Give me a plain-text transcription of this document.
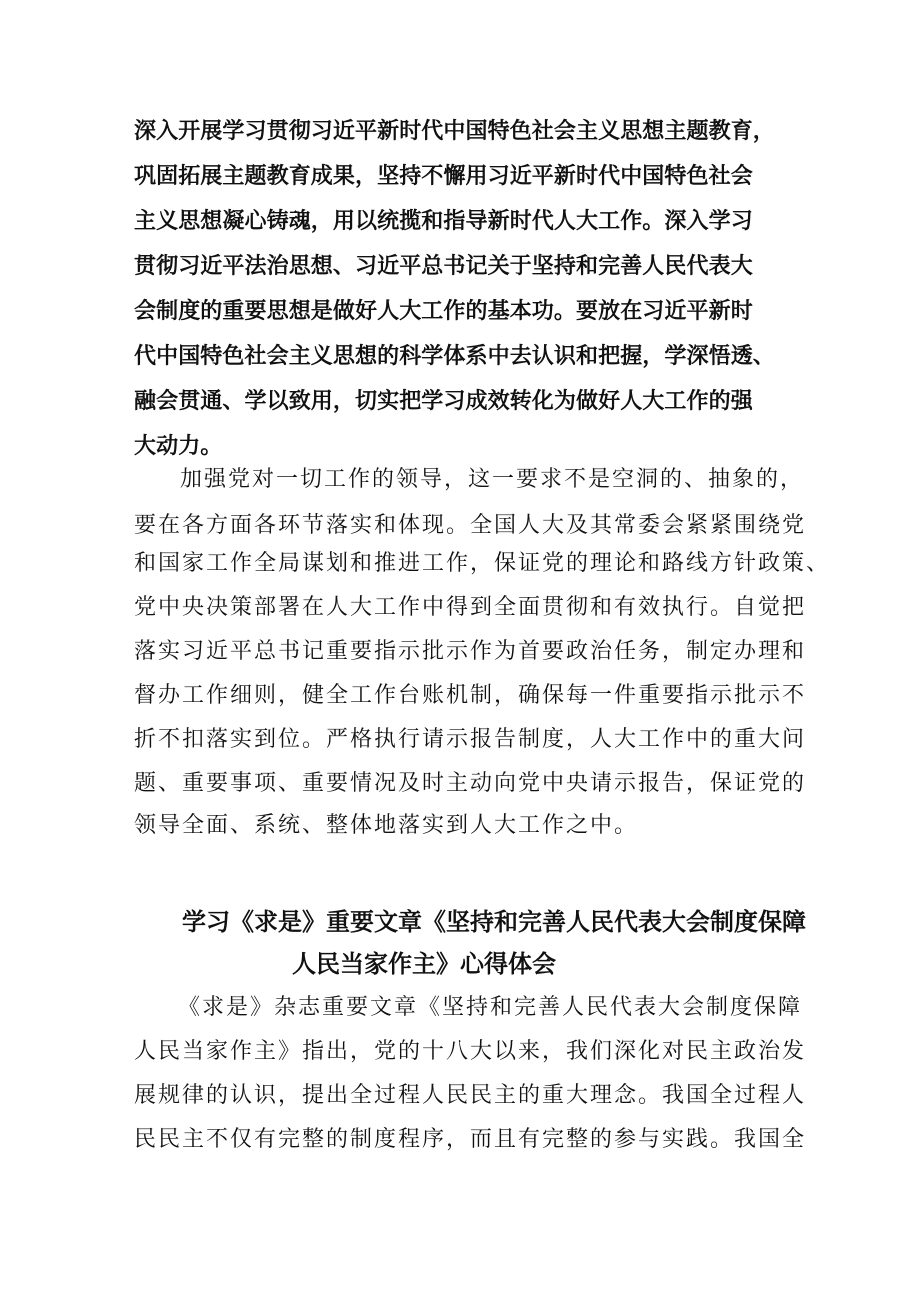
深入开展学习贯彻习近平新时代中国特色社会主义思想主题教育，
巩固拓展主题教育成果，坚持不懈用习近平新时代中国特色社会
主义思想凝心铸魂，用以统揽和指导新时代人大工作。深入学习
贯彻习近平法治思想、习近平总书记关于坚持和完善人民代表大
会制度的重要思想是做好人大工作的基本功。要放在习近平新时
代中国特色社会主义思想的科学体系中去认识和把握，学深悟透、
融会贯通、学以致用，切实把学习成效转化为做好人大工作的强
大动力。
加强党对一切工作的领导，这一要求不是空洞的、抽象的，
要在各方面各环节落实和体现。全国人大及其常委会紧紧围绕党
和国家工作全局谋划和推进工作，保证党的理论和路线方针政策、
党中央决策部署在人大工作中得到全面贯彻和有效执行。自觉把
落实习近平总书记重要指示批示作为首要政治任务，制定办理和
督办工作细则，健全工作台账机制，确保每一件重要指示批示不
折不扣落实到位。严格执行请示报告制度，人大工作中的重大问
题、重要事项、重要情况及时主动向党中央请示报告，保证党的
领导全面、系统、整体地落实到人大工作之中。
学习《求是》重要文章《坚持和完善人民代表大会制度保障
人民当家作主》心得体会
《求是》杂志重要文章《坚持和完善人民代表大会制度保障
人民当家作主》指出，党的十八大以来，我们深化对民主政治发
展规律的认识，提出全过程人民民主的重大理念。我国全过程人
民民主不仅有完整的制度程序，而且有完整的参与实践。我国全
